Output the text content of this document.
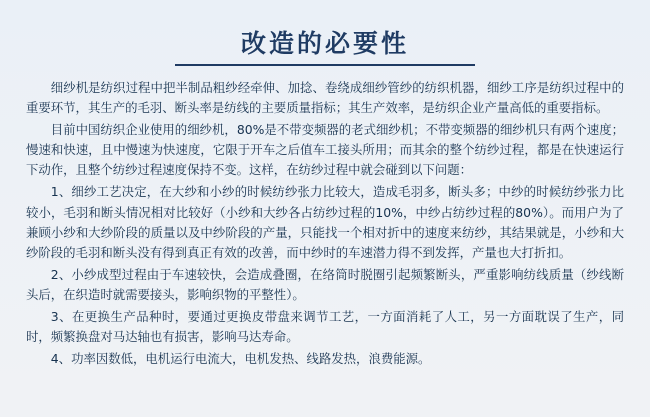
改造的必要性

细纱机是纺织过程中把半制品粗纱经牵伸、加捻、卷绕成细纱管纱的纺织机器，细纱工序是纺织过程中的重要环节，其生产的毛羽、断头率是纺线的主要质量指标；其生产效率，是纺织企业产量高低的重要指标。

目前中国纺织企业使用的细纱机，80%是不带变频器的老式细纱机；不带变频器的细纱机只有两个速度；慢速和快速，且中慢速为快速度，它限于开车之后值车工接头所用；而其余的整个纺纱过程，都是在快速运行下动作，且整个纺纱过程速度保持不变。这样，在纺纱过程中就会碰到以下问题：

1、细纱工艺决定，在大纱和小纱的时候纺纱张力比较大，造成毛羽多，断头多；中纱的时候纺纱张力比较小，毛羽和断头情况相对比较好（小纱和大纱各占纺纱过程的10%，中纱占纺纱过程的80%）。而用户为了兼顾小纱和大纱阶段的质量以及中纱阶段的产量，只能找一个相对折中的速度来纺纱，其结果就是，小纱和大纱阶段的毛羽和断头没有得到真正有效的改善，而中纱时的车速潜力得不到发挥，产量也大打折扣。

2、小纱成型过程由于车速较快，会造成叠圈，在络筒时脱圈引起频繁断头，严重影响纺线质量（纱线断头后，在织造时就需要接头，影响织物的平整性）。

3、在更换生产品种时，要通过更换皮带盘来调节工艺，一方面消耗了人工，另一方面耽误了生产，同时，频繁换盘对马达轴也有损害，影响马达寿命。

4、功率因数低，电机运行电流大，电机发热、线路发热，浪费能源。
